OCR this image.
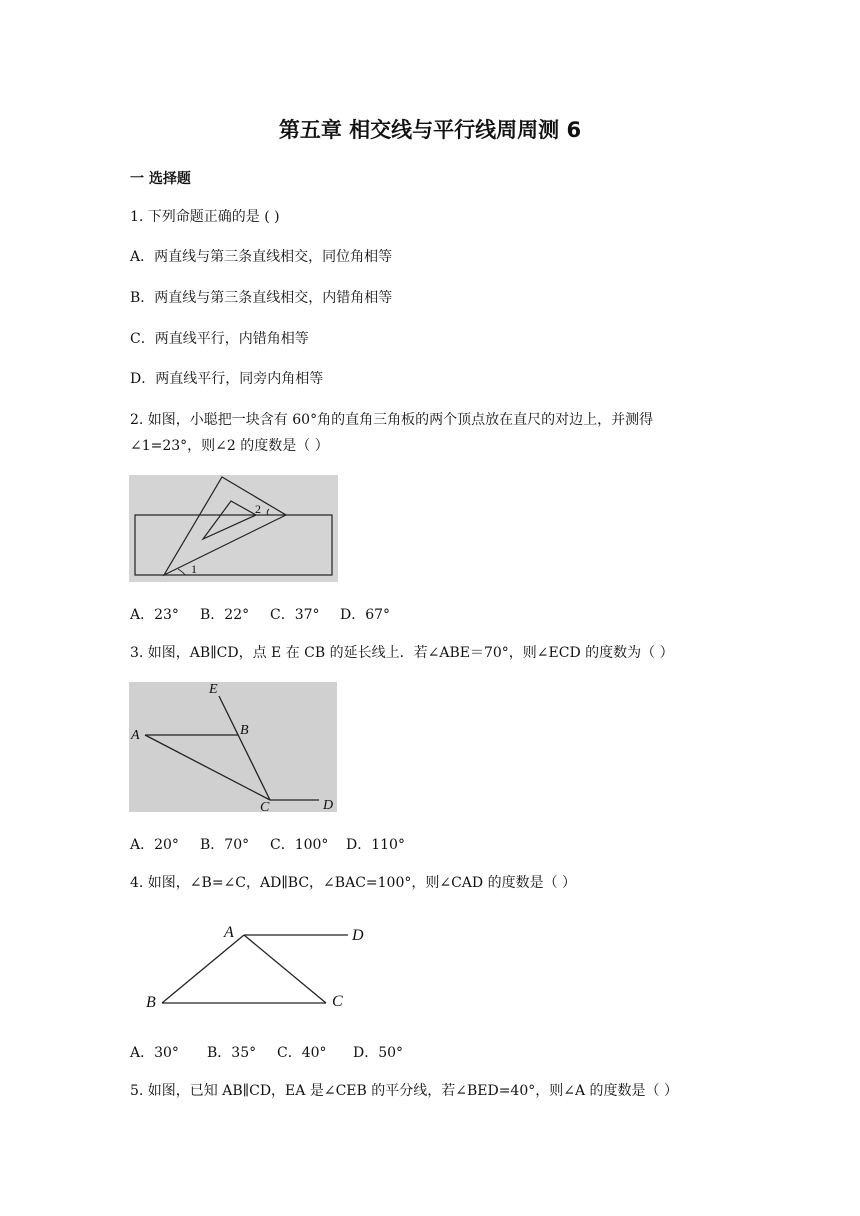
第五章 相交线与平行线周周测 6
一 选择题
1. 下列命题正确的是 ( )
A．两直线与第三条直线相交，同位角相等
B．两直线与第三条直线相交，内错角相等
C．两直线平行，内错角相等
D．两直线平行，同旁内角相等
2. 如图，小聪把一块含有 60°角的直角三角板的两个顶点放在直尺的对边上，并测得
∠1=23°，则∠2 的度数是（ ）
1
2
A．23° B．22° C．37° D．67°
3. 如图，AB∥CD，点 E 在 CB 的延长线上．若∠ABE＝70°，则∠ECD 的度数为（ ）
E
A	B
C	D
A．20° B．70° C．100° D．110°
4. 如图，∠B=∠C，AD∥BC，∠BAC=100°，则∠CAD 的度数是（ ）
A	D
B	C
A．30° B．35° C．40° D．50°
5. 如图，已知 AB∥CD，EA 是∠CEB 的平分线，若∠BED=40°，则∠A 的度数是（ ）
